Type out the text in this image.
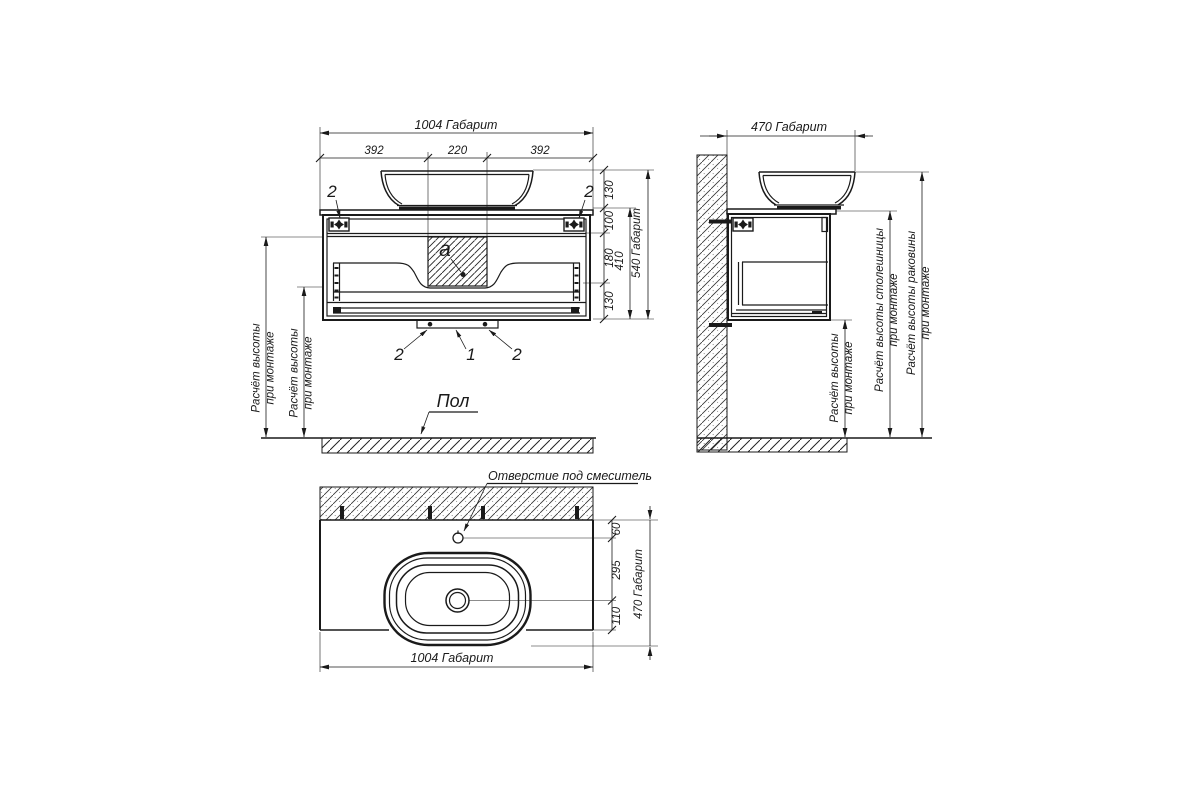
1004 Габарит
392	220	392
130
100
180
130
410 540 Габарит
Расчёт высоты при монтаже Расчёт высоты при монтаже
2	2
a
2	1 2
Пол
470 Габарит
Расчёт высоты при монтаже Расчёт высоты столешницы при монтаже Расчёт высоты раковины при монтаже
Отверстие под смеситель
60
295
110 470 Габарит
1004 Габарит
